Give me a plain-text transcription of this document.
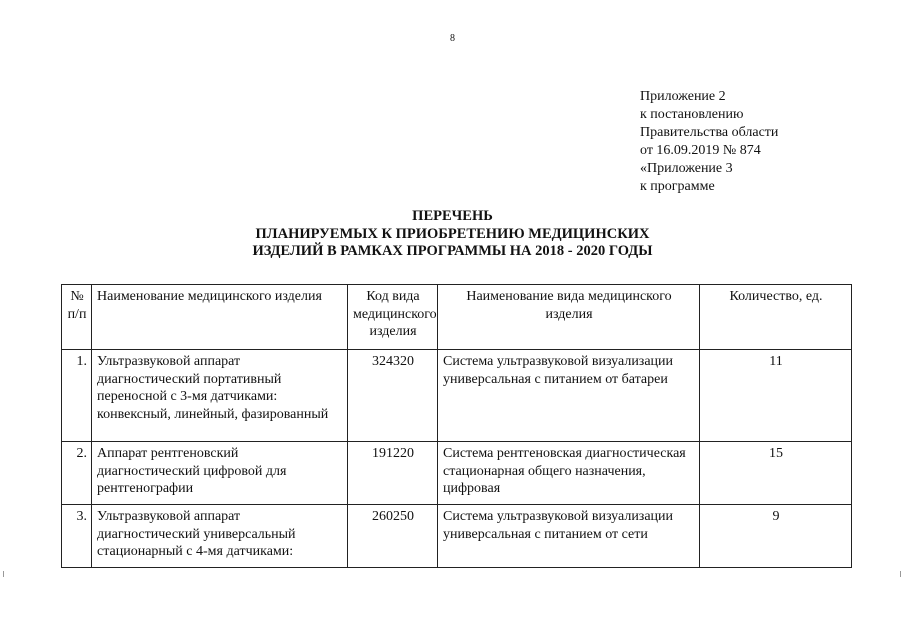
8
Приложение 2
к постановлению
Правительства области
от 16.09.2019 № 874
«Приложение 3
к программе
ПЕРЕЧЕНЬ
ПЛАНИРУЕМЫХ К ПРИОБРЕТЕНИЮ МЕДИЦИНСКИХ
ИЗДЕЛИЙ В РАМКАХ ПРОГРАММЫ НА 2018 - 2020 ГОДЫ
№ п/п	Наименование медицинского изделия	Код вида медицинского изделия	Наименование вида медицинского изделия	Количество, ед.
1.	Ультразвуковой аппарат диагностический портативный переносной с 3-мя датчиками: конвексный, линейный, фазированный	324320	Система ультразвуковой визуализации универсальная с питанием от батареи	11
2.	Аппарат рентгеновский диагностический цифровой для рентгенографии	191220	Система рентгеновская диагностическая стационарная общего назначения, цифровая	15
3.	Ультразвуковой аппарат диагностический универсальный стационарный с 4-мя датчиками:	260250	Система ультразвуковой визуализации универсальная с питанием от сети	9
